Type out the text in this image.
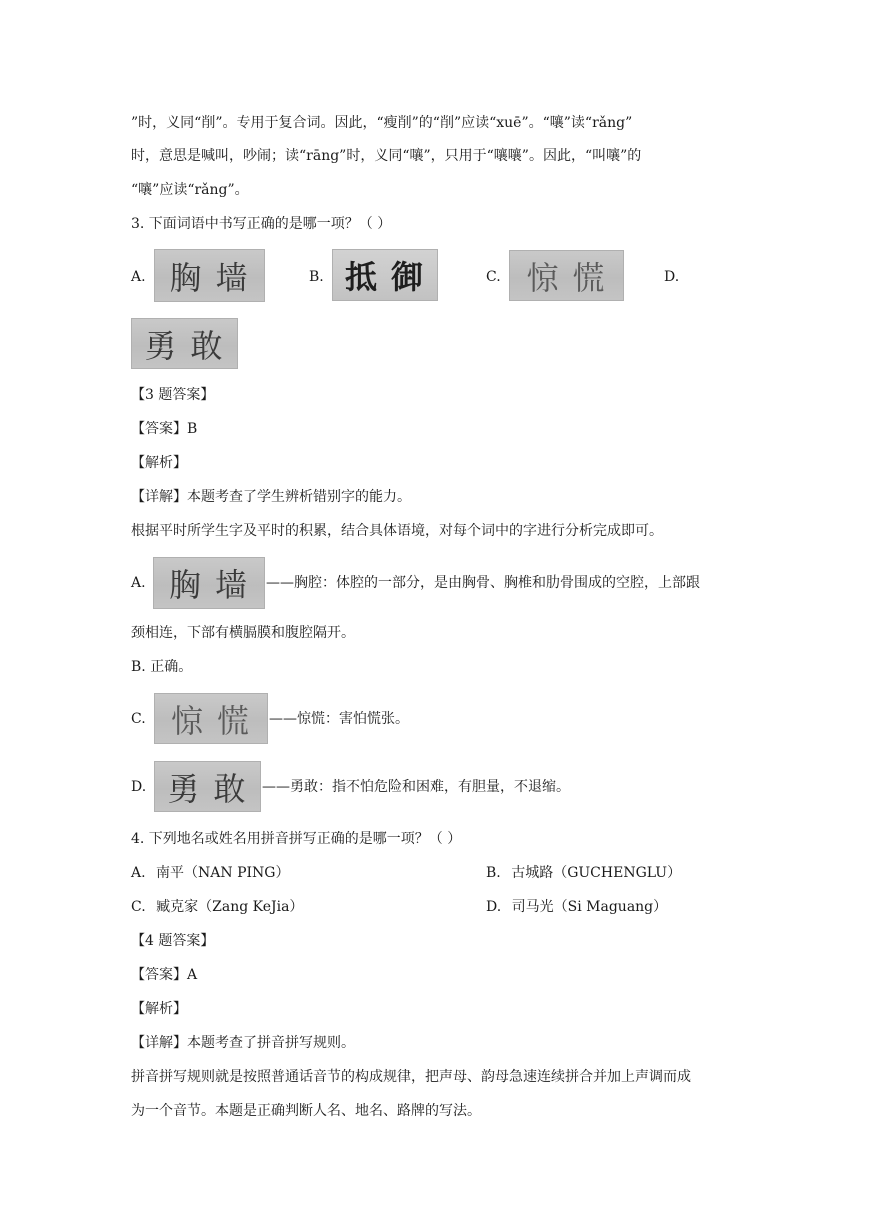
”时，义同“削”。专用于复合词。因此，“瘦削”的“削”应读“xuē”。“嚷”读“rǎng”
时，意思是喊叫，吵闹；读“rāng”时，义同“嚷”，只用于“嚷嚷”。因此，“叫嚷”的
“嚷”应读“rǎng”。
3. 下面词语中书写正确的是哪一项？（ ）
A. 胸墙	B. 抵御	C. 惊慌	D.
勇敢
【3 题答案】
【答案】B
【解析】
【详解】本题考查了学生辨析错别字的能力。
根据平时所学生字及平时的积累，结合具体语境，对每个词中的字进行分析完成即可。
A. 胸墙 ——胸腔：体腔的一部分，是由胸骨、胸椎和肋骨围成的空腔，上部跟
颈相连，下部有横膈膜和腹腔隔开。
B. 正确。
C. 惊慌 ——惊慌：害怕慌张。
D. 勇敢 ——勇敢：指不怕危险和困难，有胆量，不退缩。
4. 下列地名或姓名用拼音拼写正确的是哪一项？（ ）
A. 南平（NAN PING）	B. 古城路（GUCHENGLU）
C. 臧克家（Zang KeJia）	D. 司马光（Si Maguang）
【4 题答案】
【答案】A
【解析】
【详解】本题考查了拼音拼写规则。
拼音拼写规则就是按照普通话音节的构成规律，把声母、韵母急速连续拼合并加上声调而成
为一个音节。本题是正确判断人名、地名、路牌的写法。
